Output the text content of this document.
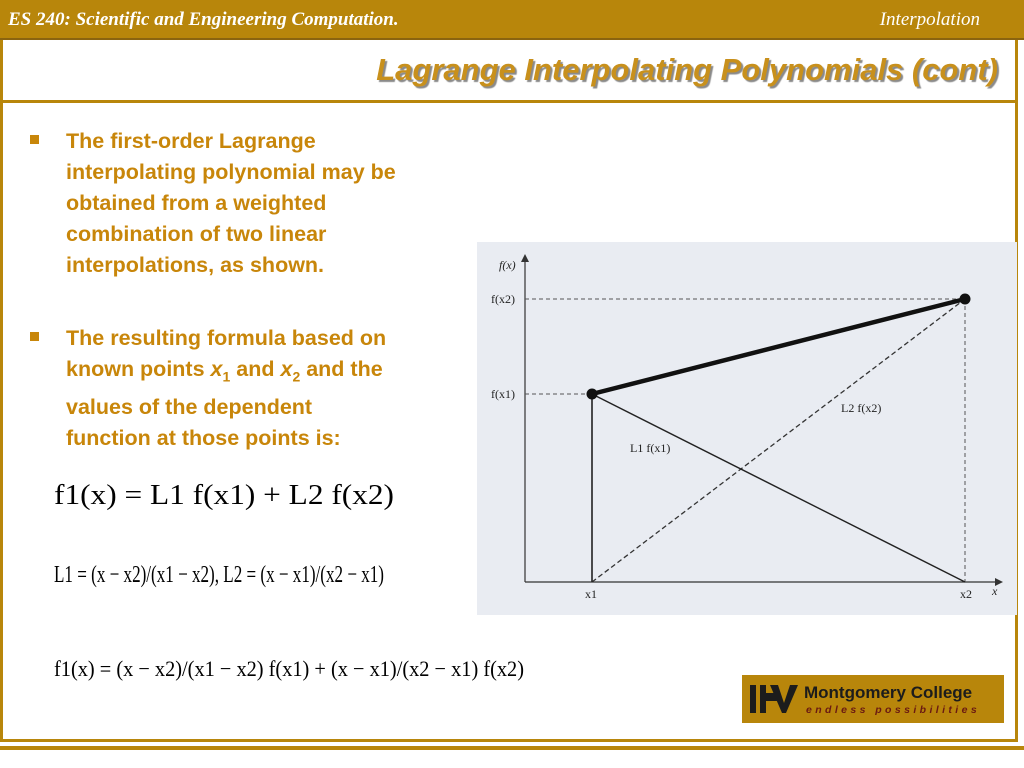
ES 240: Scientific and Engineering Computation.	Interpolation
Lagrange Interpolating Polynomials (cont)
The first-order Lagrange
interpolating polynomial may be
obtained from a weighted
combination of two linear
interpolations, as shown.
The resulting formula based on
known points $x_1$ and $x_2$ and the
values of the dependent
function at those points is:
f(x)
f(x2)
f(x1)
x1	x2 x
L2 f(x2)
L1 f(x1)
f1(x) = L1 f(x1) + L2 f(x2)
L1 = (x − x2)/(x1 − x2), L2 = (x − x1)/(x2 − x1)
f1(x) = (x − x2)/(x1 − x2) f(x1) + (x − x1)/(x2 − x1) f(x2)
Montgomery College
endless possibilities
